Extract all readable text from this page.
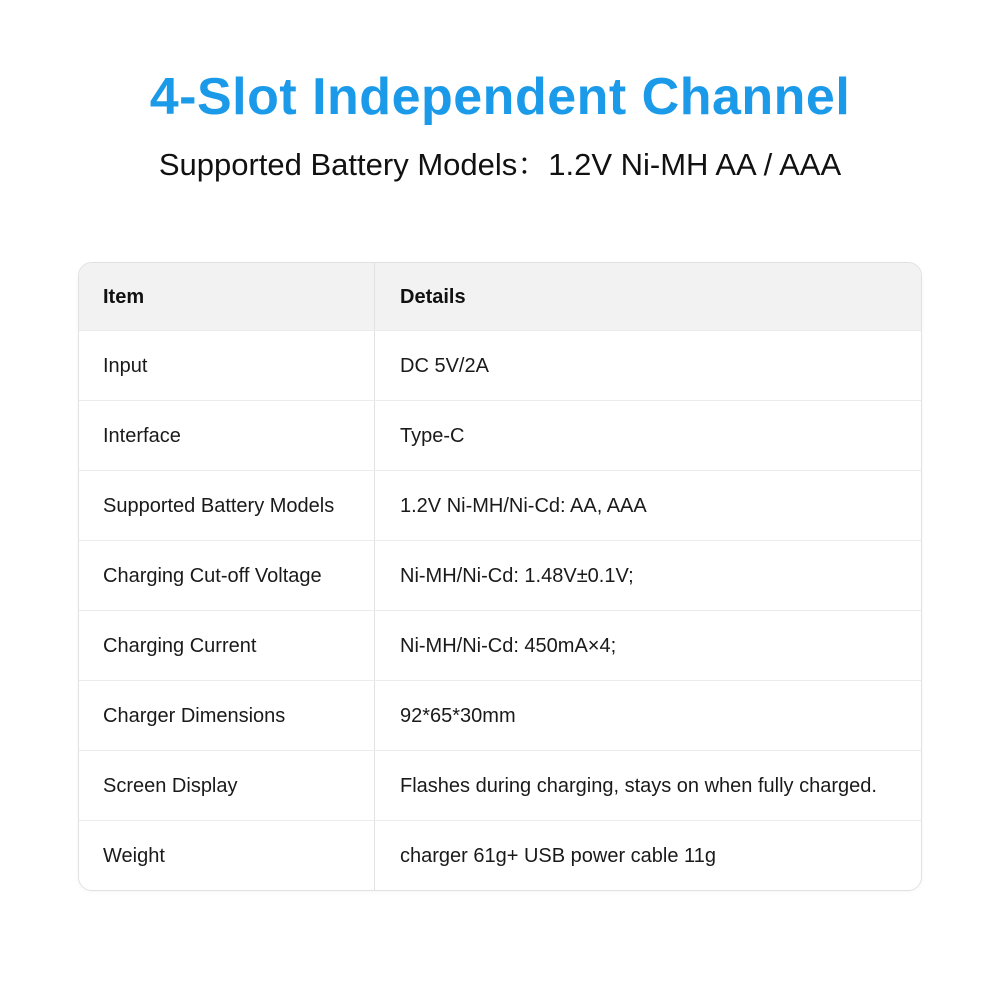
4-Slot Independent Channel
Supported Battery Models：1.2V Ni-MH AA / AAA
Item	Details
Input	DC 5V/2A
Interface	Type-C
Supported Battery Models	1.2V Ni-MH/Ni-Cd: AA, AAA
Charging Cut-off Voltage	Ni-MH/Ni-Cd: 1.48V±0.1V;
Charging Current	Ni-MH/Ni-Cd: 450mA×4;
Charger Dimensions	92*65*30mm
Screen Display	Flashes during charging, stays on when fully charged.
Weight	charger 61g+ USB power cable 11g
